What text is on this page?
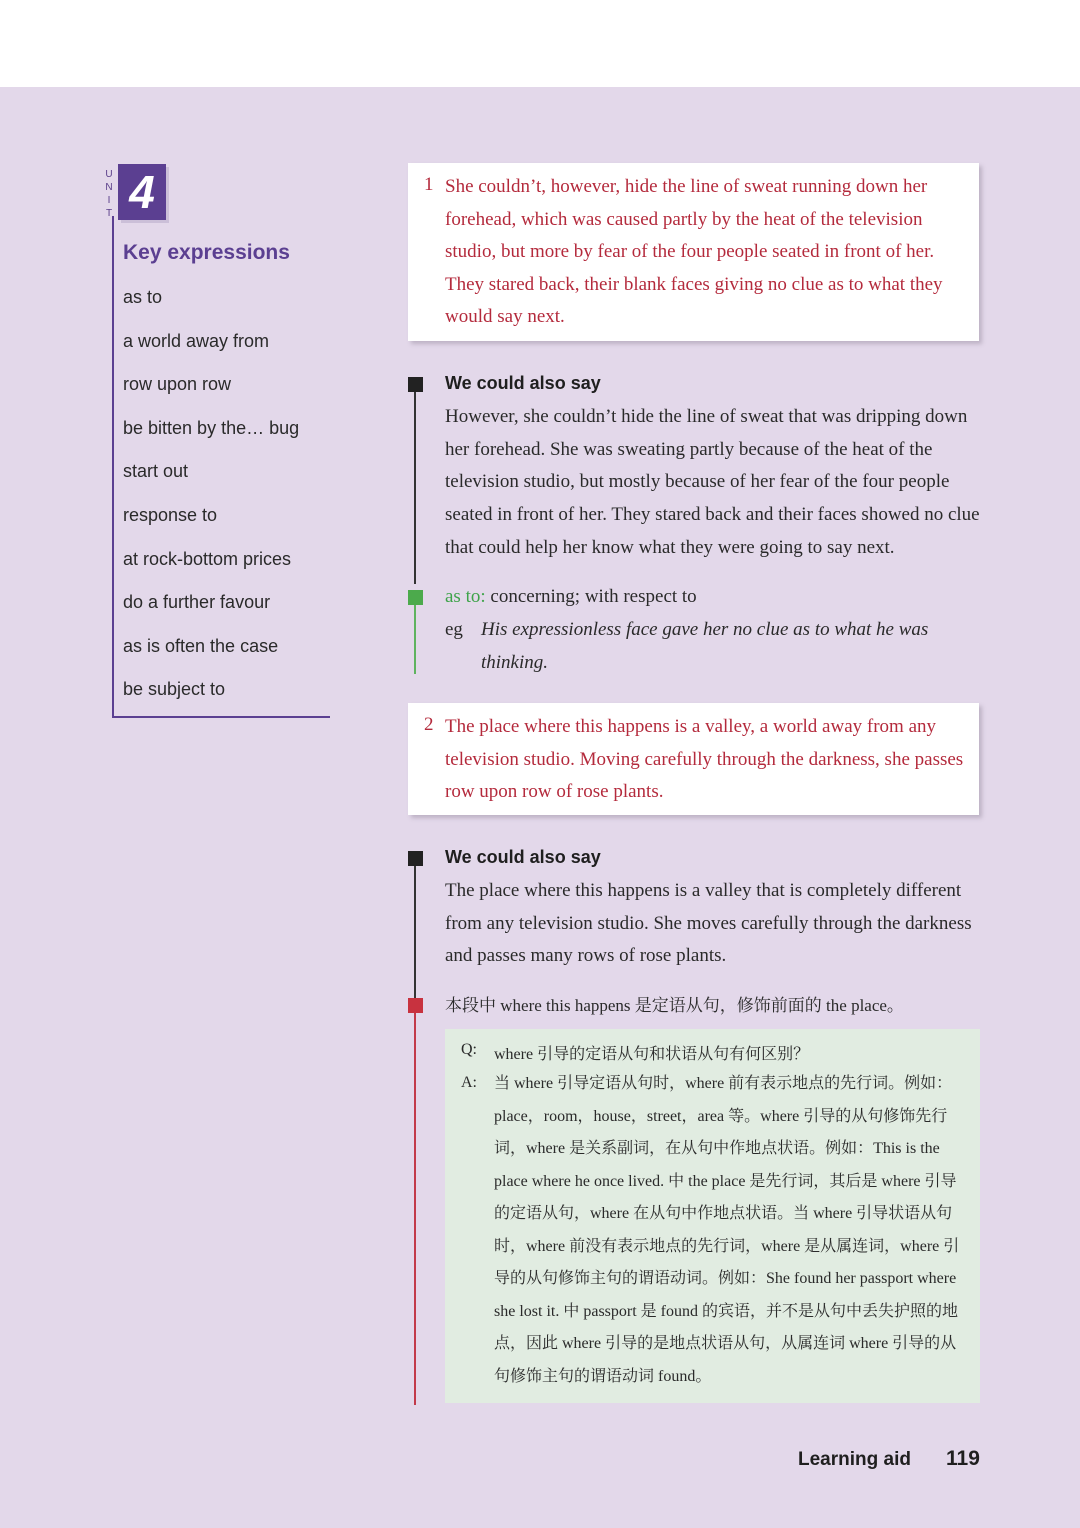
U
N
I
T 4
Key expressions
as to
a world away from
row upon row
be bitten by the… bug
start out
response to
at rock-bottom prices
do a further favour
as is often the case
be subject to
1 She couldn’t, however, hide the line of sweat running down her forehead, which was caused partly by the heat of the television studio, but more by fear of the four people seated in front of her. They stared back, their blank faces giving no clue as to what they would say next.
We could also say
However, she couldn’t hide the line of sweat that was dripping down her forehead. She was sweating partly because of the heat of the television studio, but mostly because of her fear of the four people seated in front of her. They stared back and their faces showed no clue that could help her know what they were going to say next.
as to: concerning; with respect to
eg His expressionless face gave her no clue as to what he was thinking.
2 The place where this happens is a valley, a world away from any television studio. Moving carefully through the darkness, she passes row upon row of rose plants.
We could also say
The place where this happens is a valley that is completely different from any television studio. She moves carefully through the darkness and passes many rows of rose plants.
本段中 where this happens 是定语从句，修饰前面的 the place。
Q: where 引导的定语从句和状语从句有何区别？
A: 当 where 引导定语从句时，where 前有表示地点的先行词。例如：place，room，house，street，area 等。where 引导的从句修饰先行词，where 是关系副词，在从句中作地点状语。例如：This is the place where he once lived. 中 the place 是先行词，其后是 where 引导的定语从句，where 在从句中作地点状语。当 where 引导状语从句时，where 前没有表示地点的先行词，where 是从属连词，where 引导的从句修饰主句的谓语动词。例如：She found her passport where she lost it. 中 passport 是 found 的宾语，并不是从句中丢失护照的地点，因此 where 引导的是地点状语从句，从属连词 where 引导的从句修饰主句的谓语动词 found。
Learning aid 119
